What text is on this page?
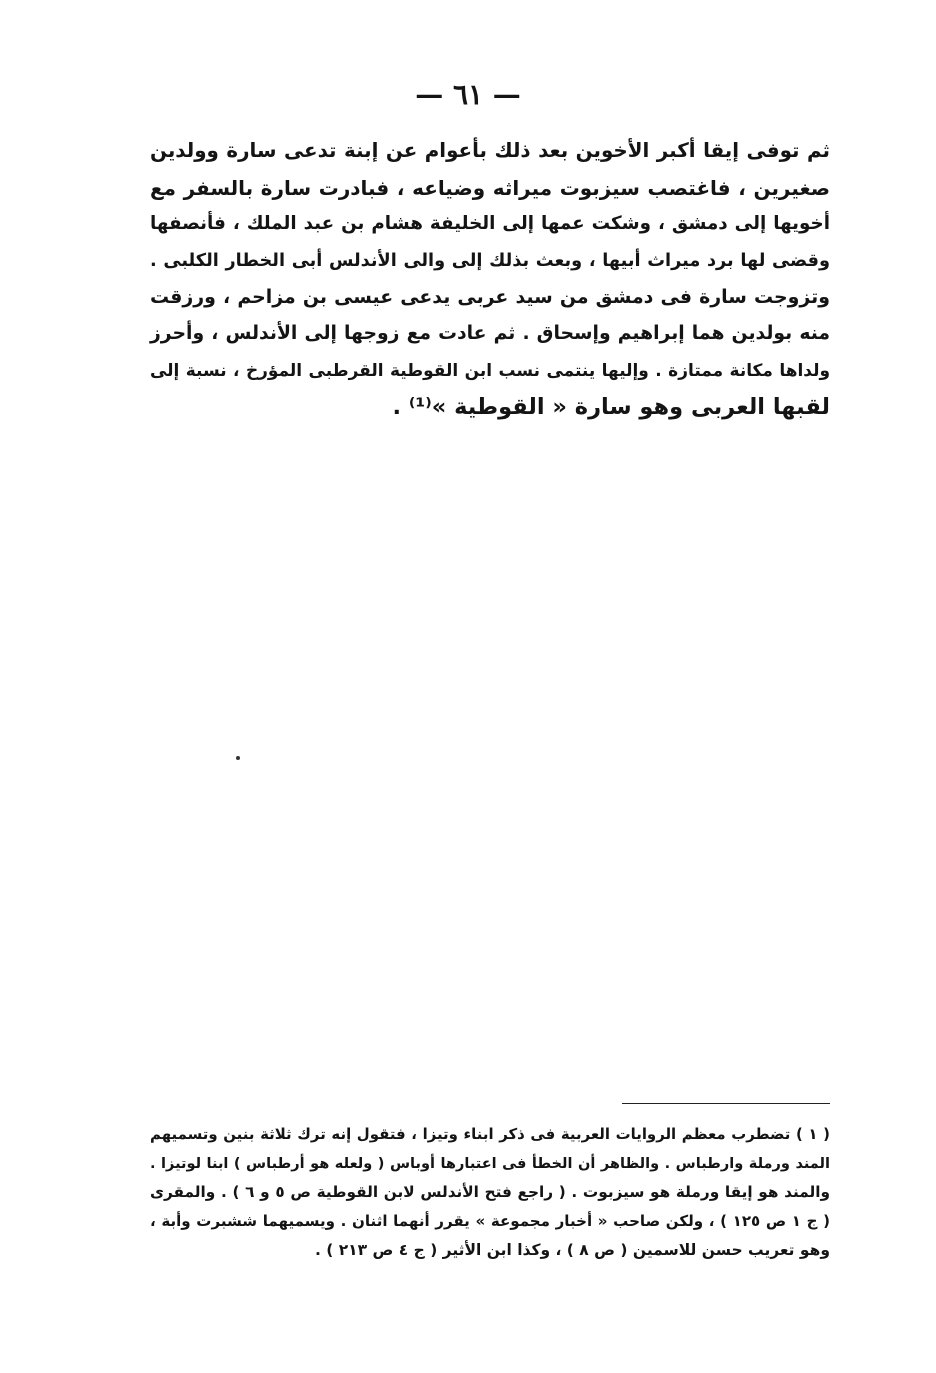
— ٦١ —
ثم توفى إيقا أكبر الأخوين بعد ذلك بأعوام عن إبنة تدعى سارة وولدين
صغيرين ، فاغتصب سيزبوت ميراثه وضياعه ، فبادرت سارة بالسفر مع
أخويها إلى دمشق ، وشكت عمها إلى الخليفة هشام بن عبد الملك ، فأنصفها
وقضى لها برد ميراث أبيها ، وبعث بذلك إلى والى الأندلس أبى الخطار الكلبى .
وتزوجت سارة فى دمشق من سيد عربى يدعى عيسى بن مزاحم ، ورزقت
منه بولدين هما إبراهيم وإسحاق . ثم عادت مع زوجها إلى الأندلس ، وأحرز
ولداها مكانة ممتازة . وإليها ينتمى نسب ابن القوطية القرطبى المؤرخ ، نسبة إلى
لقبها العربى وهو سارة « القوطية »⁽¹⁾ .
( ١ ) تضطرب معظم الروايات العربية فى ذكر ابناء وتيزا ، فتقول إنه ترك ثلاثة بنين وتسميهم
المند ورملة وارطباس . والظاهر أن الخطأ فى اعتبارها أوباس ( ولعله هو أرطباس ) ابنا لوتيزا .
والمند هو إيقا ورملة هو سيزبوت . ( راجع فتح الأندلس لابن القوطية ص ٥ و ٦ ) . والمقرى
( ج ١ ص ١٢٥ ) ، ولكن صاحب « أخبار مجموعة » يقرر أنهما اثنان . ويسميهما ششبرت وأبة ،
وهو تعريب حسن للاسمين ( ص ٨ ) ، وكذا ابن الأثير ( ج ٤ ص ٢١٣ ) .
